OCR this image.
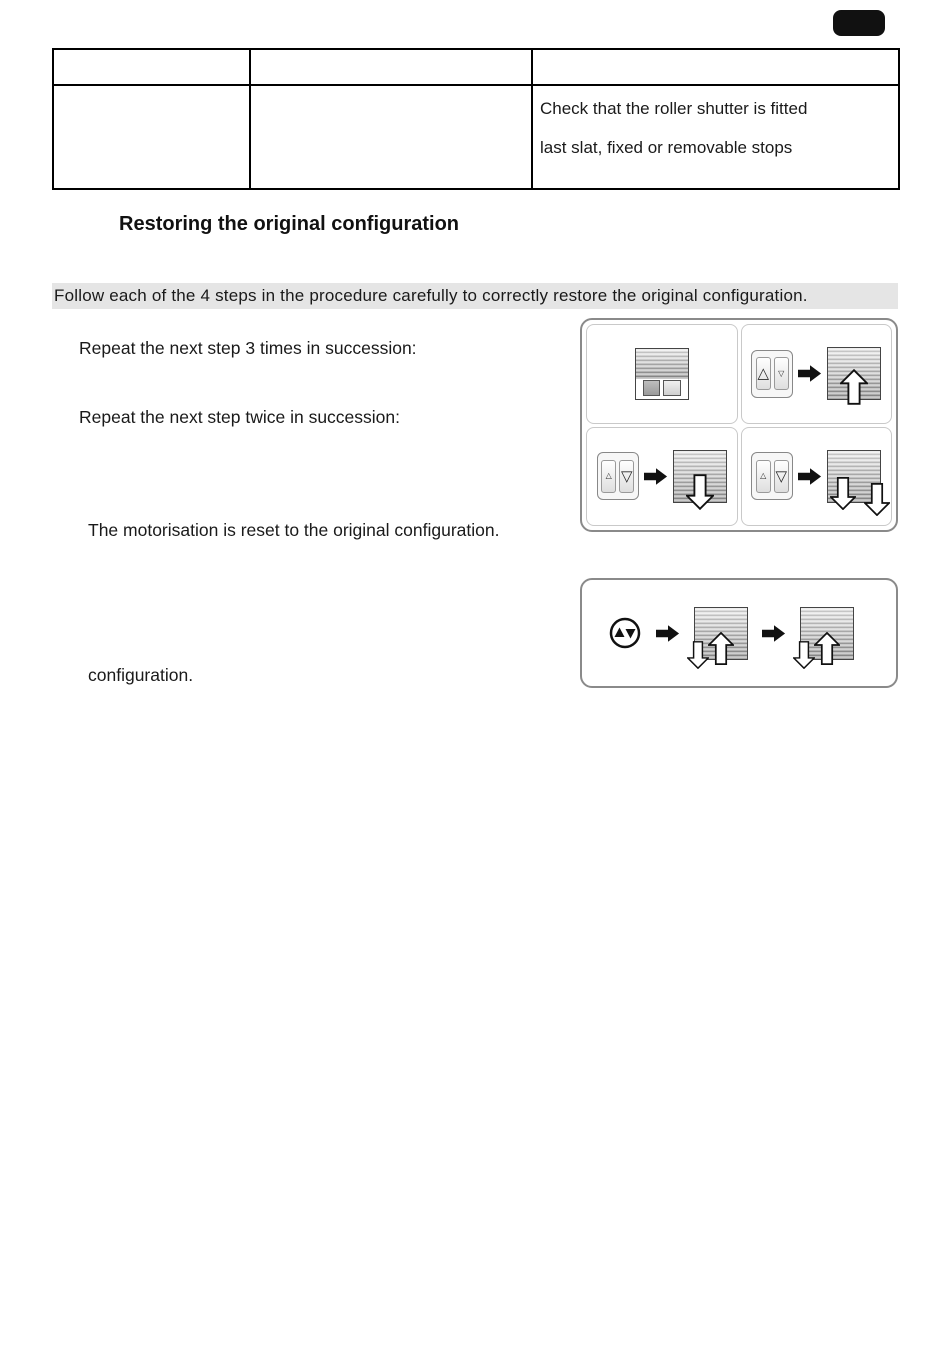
		Check that the roller shutter is fitted
last slat, fixed or removable stops
Restoring the original configuration
Follow each of the 4 steps in the procedure carefully to correctly restore the original configuration.
Repeat the next step 3 times in succession:
Repeat the next step twice in succession:
The motorisation is reset to the original configuration.
configuration.
△	▽
△ ▽	△ ▽
